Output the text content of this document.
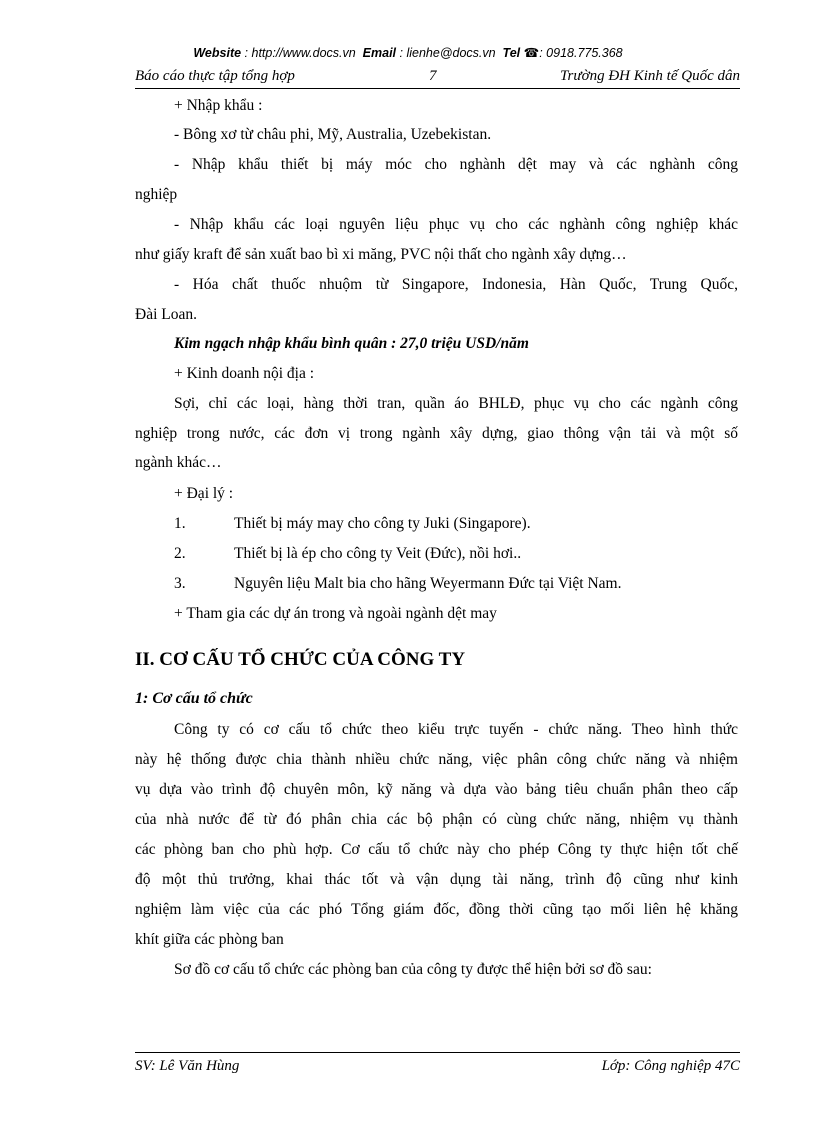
Website : http://www.docs.vn Email : lienhe@docs.vn Tel ☎: 0918.775.368
Báo cáo thực tập tổng hợp	7	Trường ĐH Kinh tế Quốc dân
+ Nhập khẩu :
- Bông xơ từ châu phi, Mỹ, Australia, Uzebekistan.
- Nhập khẩu thiết bị máy móc cho nghành dệt may và các nghành công
nghiệp
- Nhập khẩu các loại nguyên liệu phục vụ cho các nghành công nghiệp khác
như giấy kraft để sản xuất bao bì xi măng, PVC nội thất cho ngành xây dựng…
- Hóa chất thuốc nhuộm từ Singapore, Indonesia, Hàn Quốc, Trung Quốc,
Đài Loan.
Kim ngạch nhập khẩu bình quân : 27,0 triệu USD/năm
+ Kinh doanh nội địa :
Sợi, chỉ các loại, hàng thời tran, quần áo BHLĐ, phục vụ cho các ngành công
nghiệp trong nước, các đơn vị trong ngành xây dựng, giao thông vận tải và một số
ngành khác…
+ Đại lý :
1.	Thiết bị máy may cho công ty Juki (Singapore).
2.	Thiết bị là ép cho công ty Veit (Đức), nồi hơi..
3.	Nguyên liệu Malt bia cho hãng Weyermann Đức tại Việt Nam.
+ Tham gia các dự án trong và ngoài ngành dệt may
II. CƠ CẤU TỔ CHỨC CỦA CÔNG TY
1: Cơ cấu tổ chức
Công ty có cơ cấu tổ chức theo kiểu trực tuyến - chức năng. Theo hình thức
này hệ thống được chia thành nhiều chức năng, việc phân công chức năng và nhiệm
vụ dựa vào trình độ chuyên môn, kỹ năng và dựa vào bảng tiêu chuẩn phân theo cấp
của nhà nước để từ đó phân chia các bộ phận có cùng chức năng, nhiệm vụ thành
các phòng ban cho phù hợp. Cơ cấu tổ chức này cho phép Công ty thực hiện tốt chế
độ một thủ trưởng, khai thác tốt và vận dụng tài năng, trình độ cũng như kinh
nghiệm làm việc của các phó Tổng giám đốc, đồng thời cũng tạo mối liên hệ khăng
khít giữa các phòng ban
Sơ đồ cơ cấu tổ chức các phòng ban của công ty được thể hiện bởi sơ đồ sau:
SV: Lê Văn Hùng	Lớp: Công nghiệp 47C
